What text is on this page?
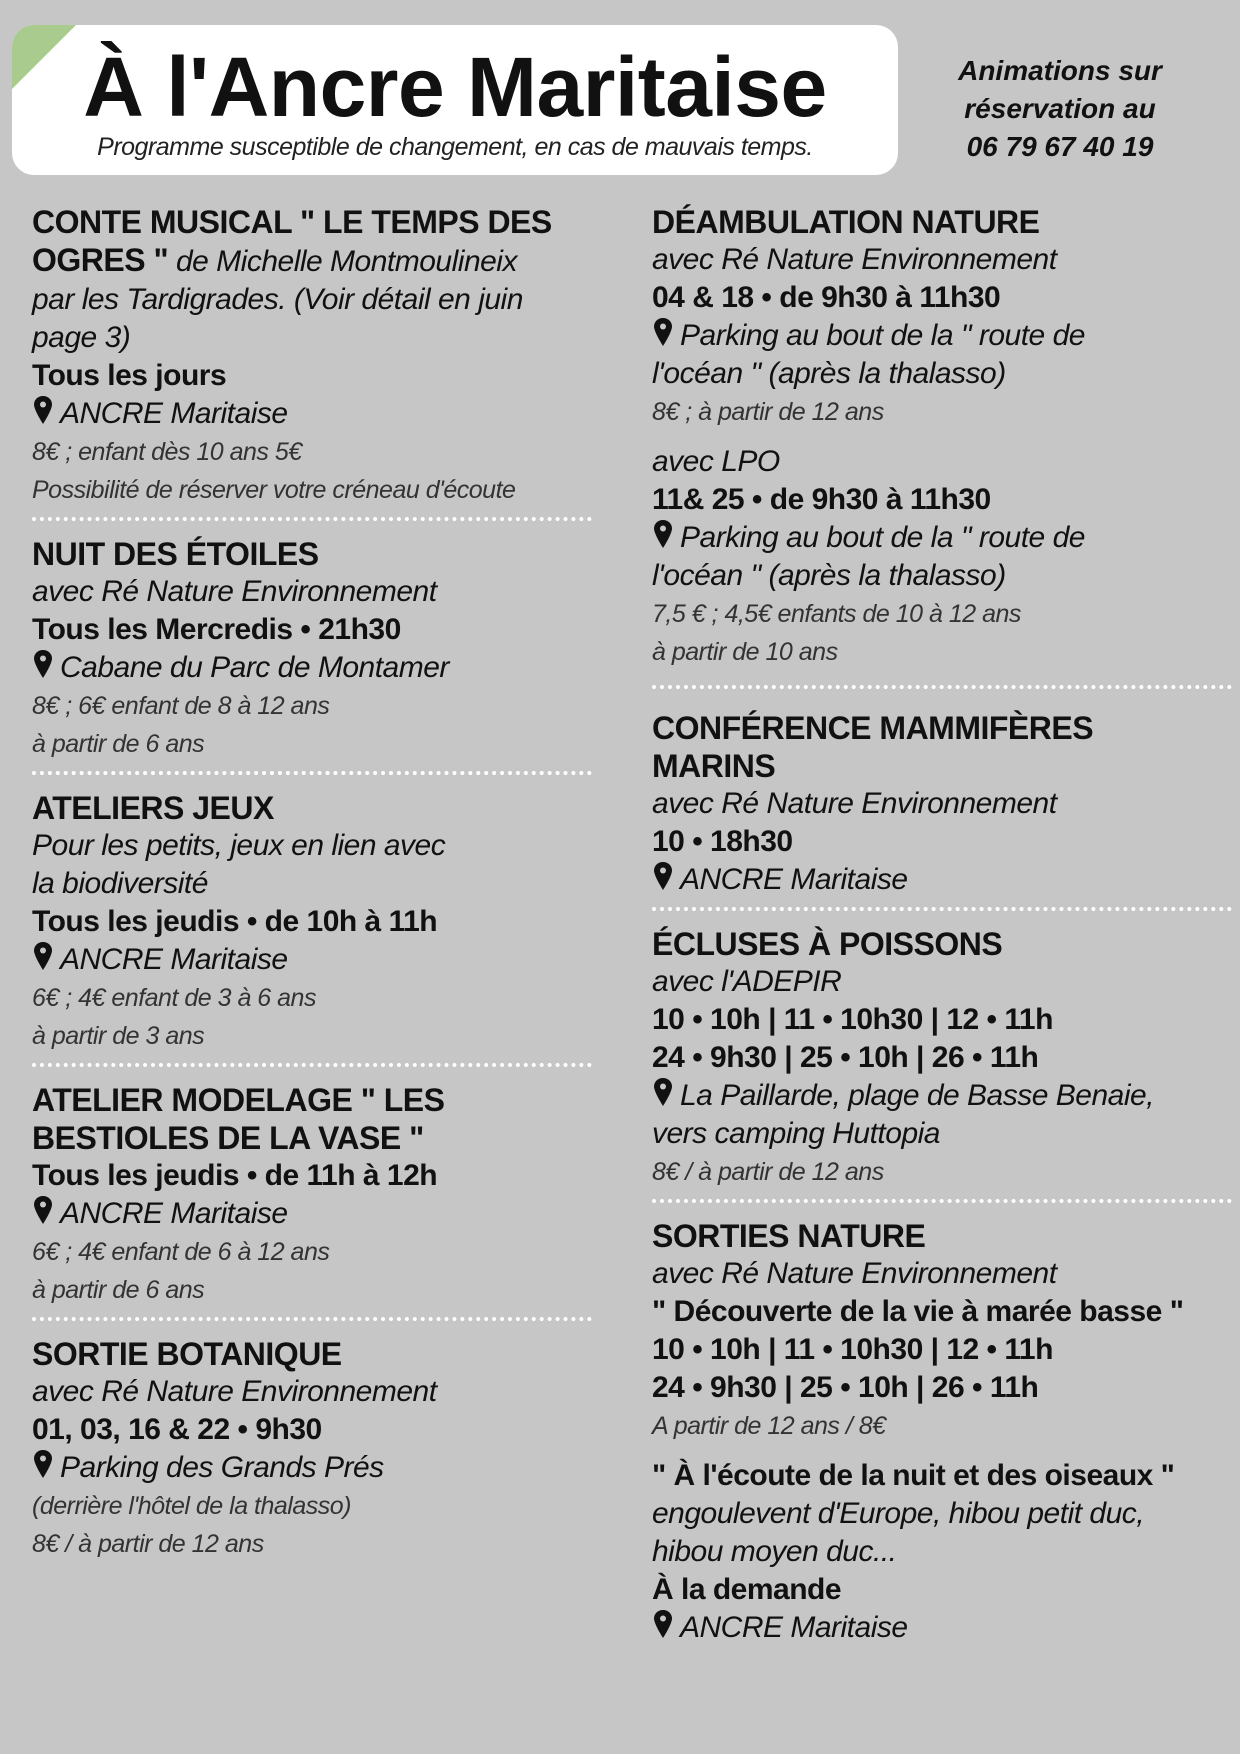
À l'Ancre Maritaise
Programme susceptible de changement, en cas de mauvais temps.
Animations sur
réservation au
06 79 67 40 19
CONTE MUSICAL " LE TEMPS DES
OGRES " de Michelle Montmoulineix
par les Tardigrades. (Voir détail en juin
page 3)
Tous les jours
ANCRE Maritaise
8€ ; enfant dès 10 ans 5€
Possibilité de réserver votre créneau d'écoute
NUIT DES ÉTOILES
avec Ré Nature Environnement
Tous les Mercredis • 21h30
Cabane du Parc de Montamer
8€ ; 6€ enfant de 8 à 12 ans
à partir de 6 ans
ATELIERS JEUX
Pour les petits, jeux en lien avec
la biodiversité
Tous les jeudis • de 10h à 11h
ANCRE Maritaise
6€ ; 4€ enfant de 3 à 6 ans
à partir de 3 ans
ATELIER MODELAGE " LES
BESTIOLES DE LA VASE "
Tous les jeudis • de 11h à 12h
ANCRE Maritaise
6€ ; 4€ enfant de 6 à 12 ans
à partir de 6 ans
SORTIE BOTANIQUE
avec Ré Nature Environnement
01, 03, 16 & 22 • 9h30
Parking des Grands Prés
(derrière l'hôtel de la thalasso)
8€ / à partir de 12 ans
DÉAMBULATION NATURE
avec Ré Nature Environnement
04 & 18 • de 9h30 à 11h30
Parking au bout de la " route de
l'océan " (après la thalasso)
8€ ; à partir de 12 ans
avec LPO
11& 25 • de 9h30 à 11h30
Parking au bout de la " route de
l'océan " (après la thalasso)
7,5 € ; 4,5€ enfants de 10 à 12 ans
à partir de 10 ans
CONFÉRENCE MAMMIFÈRES
MARINS
avec Ré Nature Environnement
10 • 18h30
ANCRE Maritaise
ÉCLUSES À POISSONS
avec l'ADEPIR
10 • 10h | 11 • 10h30 | 12 • 11h
24 • 9h30 | 25 • 10h | 26 • 11h
La Paillarde, plage de Basse Benaie,
vers camping Huttopia
8€ / à partir de 12 ans
SORTIES NATURE
avec Ré Nature Environnement
" Découverte de la vie à marée basse "
10 • 10h | 11 • 10h30 | 12 • 11h
24 • 9h30 | 25 • 10h | 26 • 11h
A partir de 12 ans / 8€
" À l'écoute de la nuit et des oiseaux "
engoulevent d'Europe, hibou petit duc,
hibou moyen duc...
À la demande
ANCRE Maritaise
